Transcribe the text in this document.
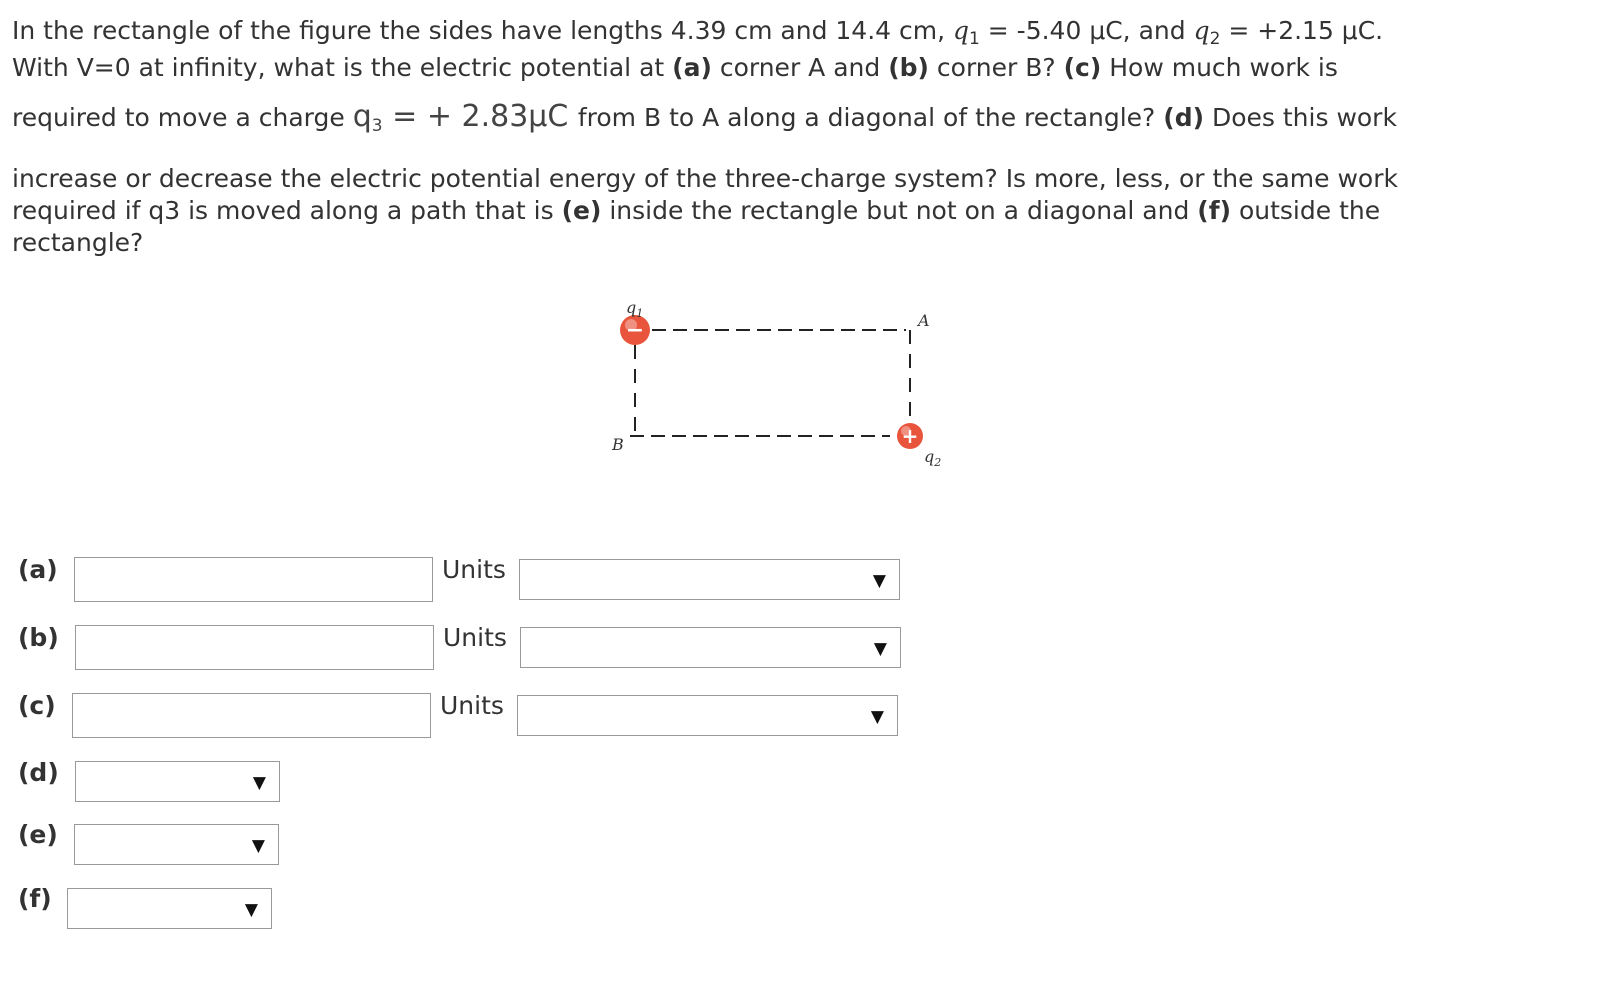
In the rectangle of the figure the sides have lengths 4.39 cm and 14.4 cm, $q_1 = -5.40$ μC, and $q_2 = +2.15$ μC.
With V=0 at infinity, what is the electric potential at (a) corner A and (b) corner B? (c) How much work is
required to move a charge $q_3$ = + 2.83μC from B to A along a diagonal of the rectangle? (d) Does this work
increase or decrease the electric potential energy of the three-charge system? Is more, less, or the same work
required if q3 is moved along a path that is (e) inside the rectangle but not on a diagonal and (f) outside the
rectangle?
−
$q_1$
+
$q_2$
A
B
(a)	Units	▼
(b)	Units	▼
(c)	Units	▼
(d)	▼
(e)	▼
(f)	▼
